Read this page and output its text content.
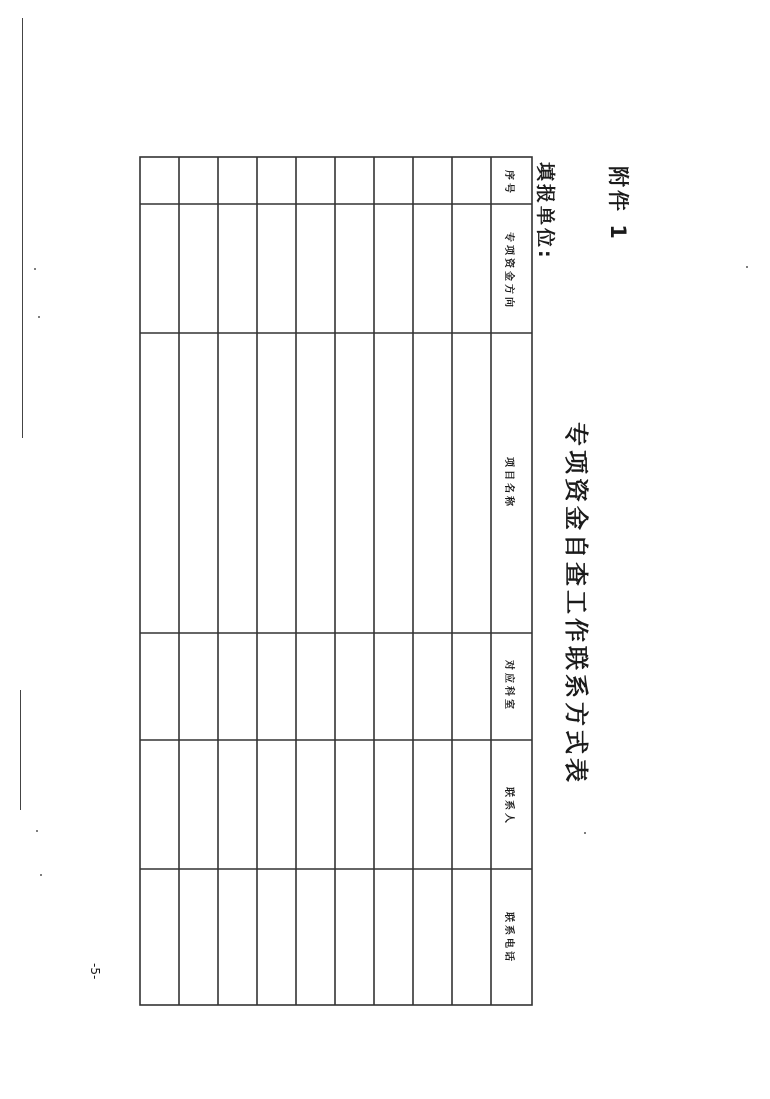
附件 1
专项资金自查工作联系方式表
填报单位:
-5-
序号
专项资金方向
项目名称
对应科室
联系人
联系电话
